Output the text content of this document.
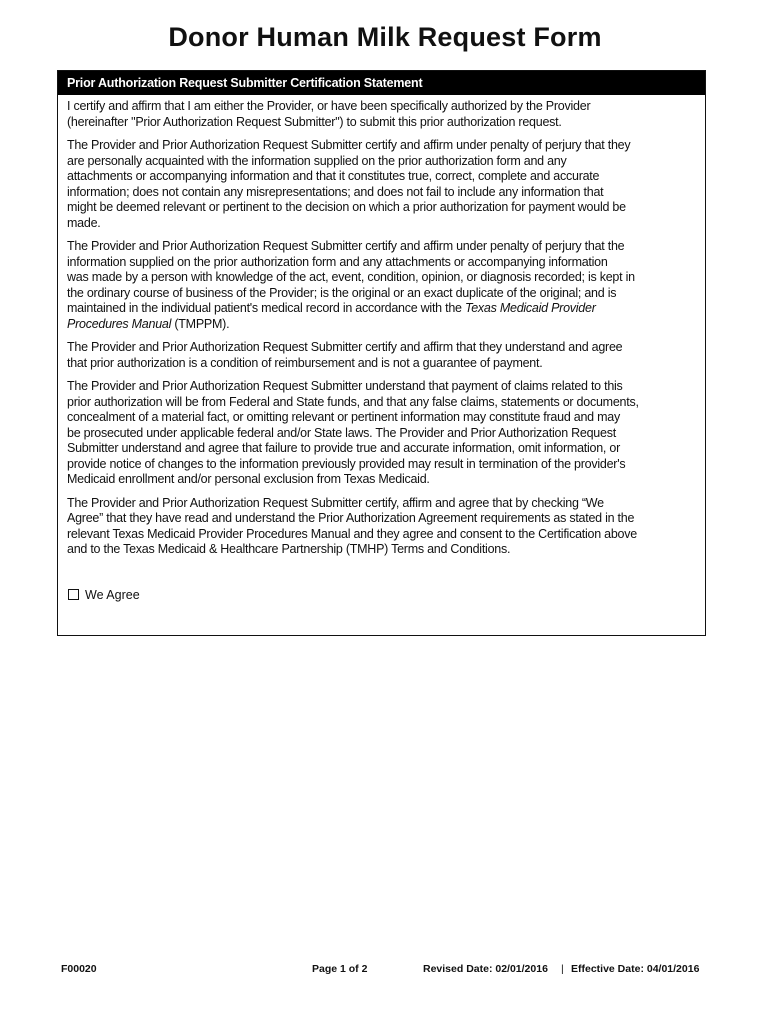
Donor Human Milk Request Form
Prior Authorization Request Submitter Certification Statement
I certify and affirm that I am either the Provider, or have been specifically authorized by the Provider
(hereinafter "Prior Authorization Request Submitter") to submit this prior authorization request.
The Provider and Prior Authorization Request Submitter certify and affirm under penalty of perjury that they
are personally acquainted with the information supplied on the prior authorization form and any
attachments or accompanying information and that it constitutes true, correct, complete and accurate
information; does not contain any misrepresentations; and does not fail to include any information that
might be deemed relevant or pertinent to the decision on which a prior authorization for payment would be
made.
The Provider and Prior Authorization Request Submitter certify and affirm under penalty of perjury that the
information supplied on the prior authorization form and any attachments or accompanying information
was made by a person with knowledge of the act, event, condition, opinion, or diagnosis recorded; is kept in
the ordinary course of business of the Provider; is the original or an exact duplicate of the original; and is
maintained in the individual patient's medical record in accordance with the Texas Medicaid Provider
Procedures Manual (TMPPM).
The Provider and Prior Authorization Request Submitter certify and affirm that they understand and agree
that prior authorization is a condition of reimbursement and is not a guarantee of payment.
The Provider and Prior Authorization Request Submitter understand that payment of claims related to this
prior authorization will be from Federal and State funds, and that any false claims, statements or documents,
concealment of a material fact, or omitting relevant or pertinent information may constitute fraud and may
be prosecuted under applicable federal and/or State laws. The Provider and Prior Authorization Request
Submitter understand and agree that failure to provide true and accurate information, omit information, or
provide notice of changes to the information previously provided may result in termination of the provider's
Medicaid enrollment and/or personal exclusion from Texas Medicaid.
The Provider and Prior Authorization Request Submitter certify, affirm and agree that by checking “We
Agree” that they have read and understand the Prior Authorization Agreement requirements as stated in the
relevant Texas Medicaid Provider Procedures Manual and they agree and consent to the Certification above
and to the Texas Medicaid & Healthcare Partnership (TMHP) Terms and Conditions.
We Agree
F00020	Page 1 of 2	Revised Date: 02/01/2016 | Effective Date: 04/01/2016
